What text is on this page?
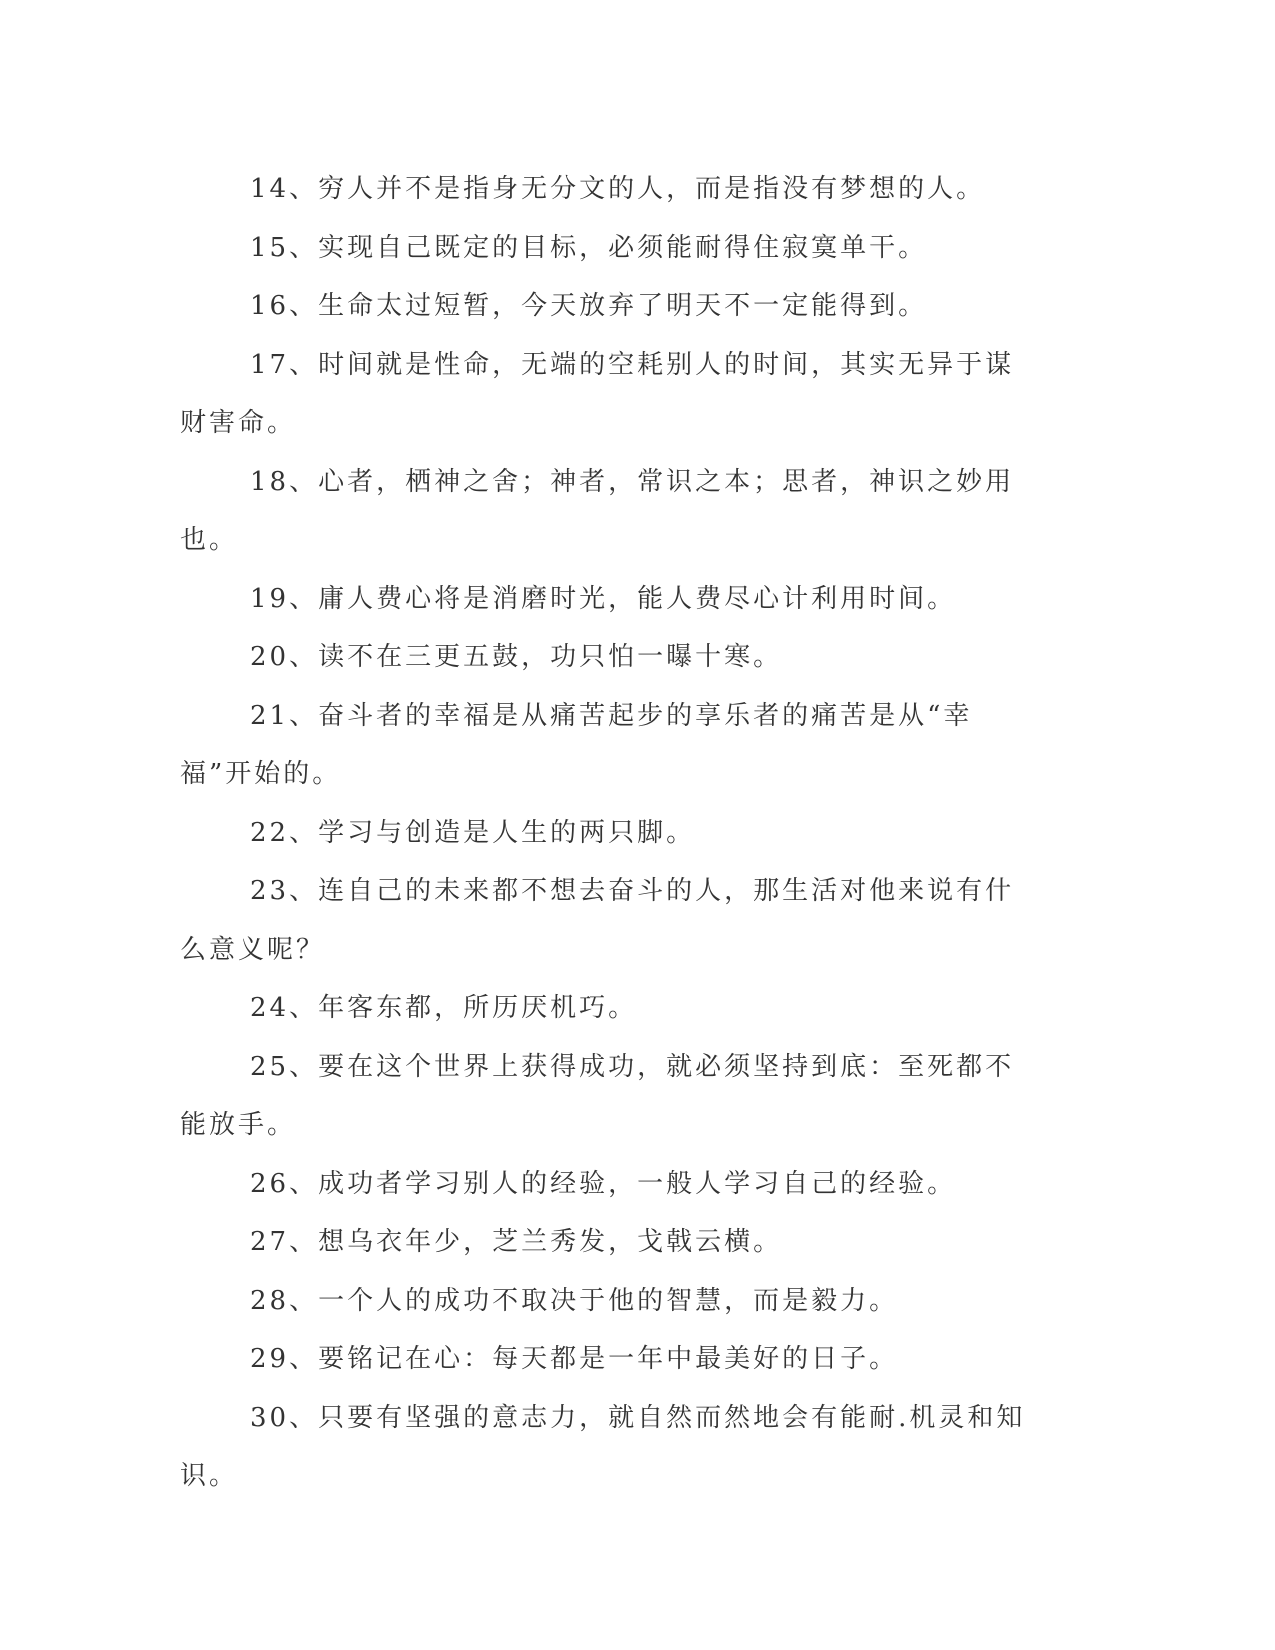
14、穷人并不是指身无分文的人，而是指没有梦想的人。

15、实现自己既定的目标，必须能耐得住寂寞单干。

16、生命太过短暂，今天放弃了明天不一定能得到。

17、时间就是性命，无端的空耗别人的时间，其实无异于谋财害命。

18、心者，栖神之舍；神者，常识之本；思者，神识之妙用也。

19、庸人费心将是消磨时光，能人费尽心计利用时间。

20、读不在三更五鼓，功只怕一曝十寒。

21、奋斗者的幸福是从痛苦起步的享乐者的痛苦是从“幸福”开始的。

22、学习与创造是人生的两只脚。

23、连自己的未来都不想去奋斗的人，那生活对他来说有什么意义呢？

24、年客东都，所历厌机巧。

25、要在这个世界上获得成功，就必须坚持到底：至死都不能放手。

26、成功者学习别人的经验，一般人学习自己的经验。

27、想乌衣年少，芝兰秀发，戈戟云横。

28、一个人的成功不取决于他的智慧，而是毅力。

29、要铭记在心：每天都是一年中最美好的日子。

30、只要有坚强的意志力，就自然而然地会有能耐.机灵和知识。
